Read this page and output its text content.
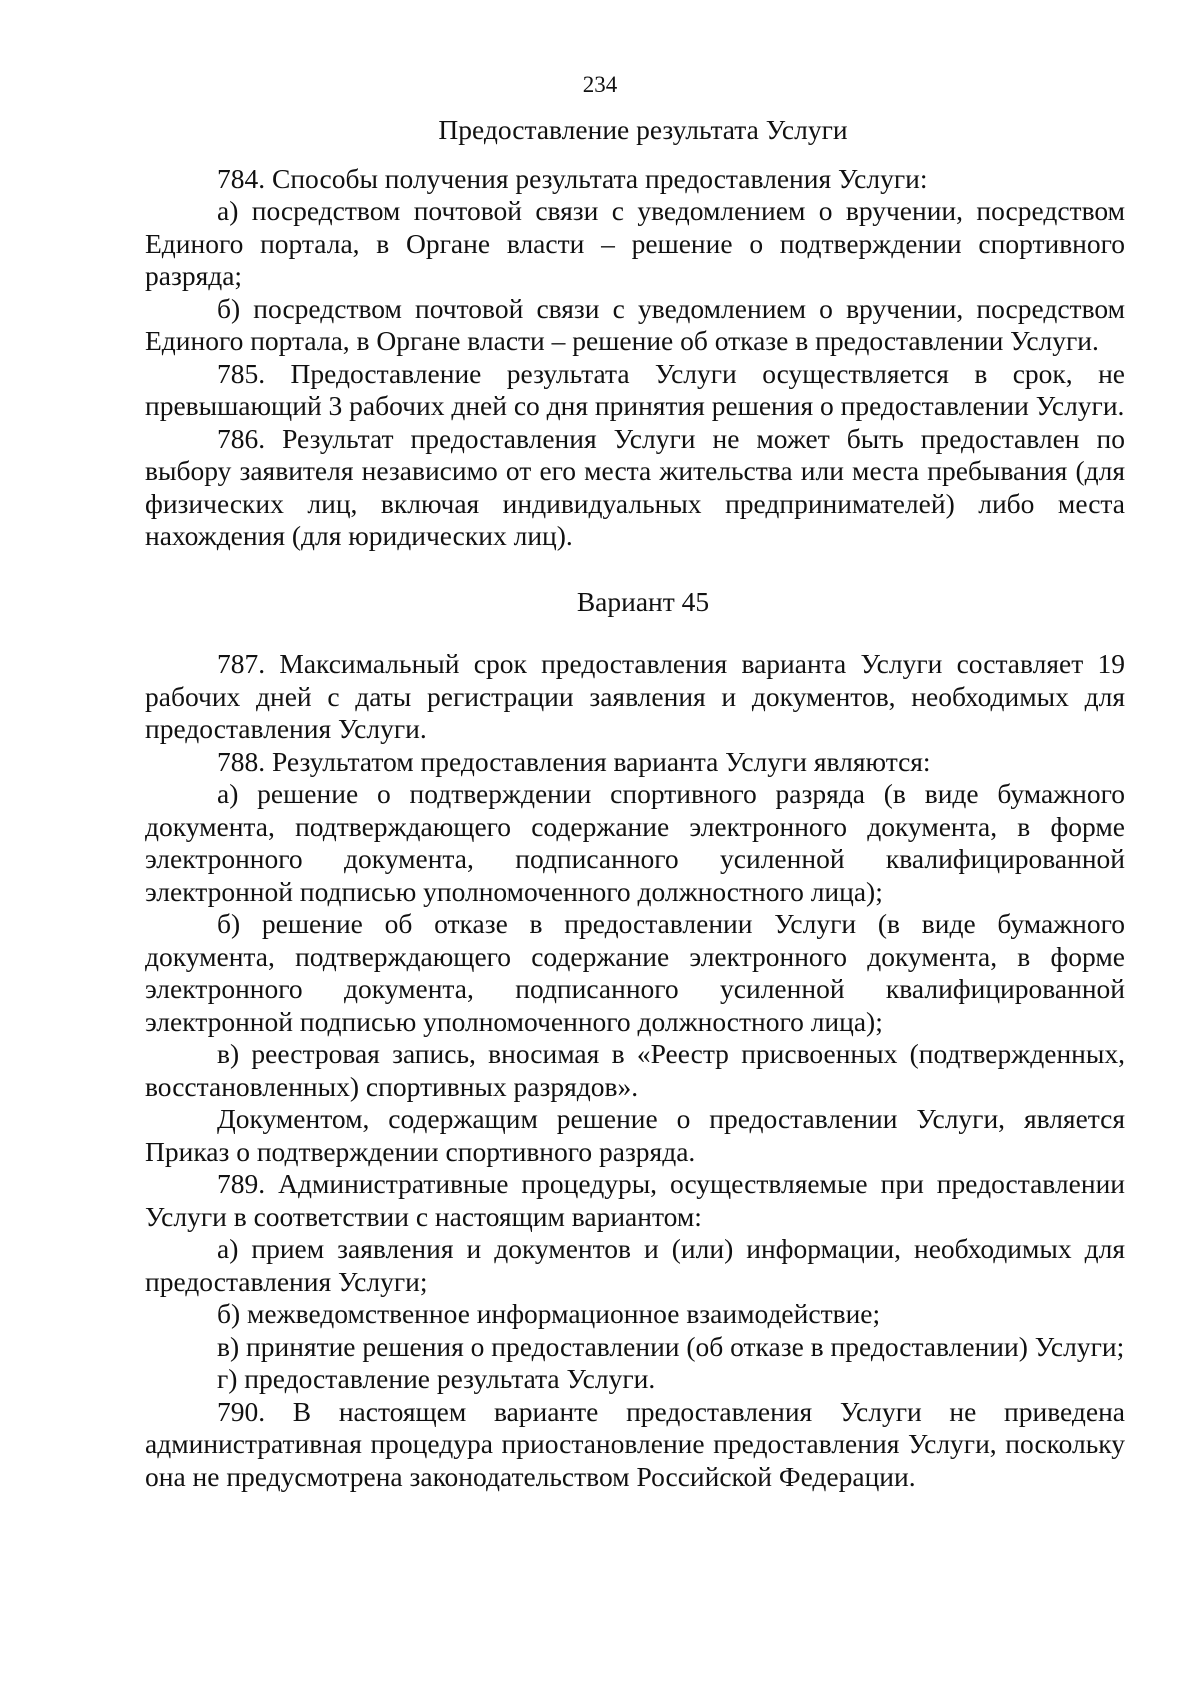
234
Предоставление результата Услуги

784. Способы получения результата предоставления Услуги:

а) посредством почтовой связи с уведомлением о вручении, посредством Единого портала, в Органе власти – решение о подтверждении спортивного разряда;

б) посредством почтовой связи с уведомлением о вручении, посредством Единого портала, в Органе власти – решение об отказе в предоставлении Услуги.

785. Предоставление результата Услуги осуществляется в срок, не превышающий 3 рабочих дней со дня принятия решения о предоставлении Услуги.

786. Результат предоставления Услуги не может быть предоставлен по выбору заявителя независимо от его места жительства или места пребывания (для физических лиц, включая индивидуальных предпринимателей) либо места нахождения (для юридических лиц).

Вариант 45

787. Максимальный срок предоставления варианта Услуги составляет 19 рабочих дней с даты регистрации заявления и документов, необходимых для предоставления Услуги.

788. Результатом предоставления варианта Услуги являются:

а) решение о подтверждении спортивного разряда (в виде бумажного документа, подтверждающего содержание электронного документа, в форме электронного документа, подписанного усиленной квалифицированной электронной подписью уполномоченного должностного лица);

б) решение об отказе в предоставлении Услуги (в виде бумажного документа, подтверждающего содержание электронного документа, в форме электронного документа, подписанного усиленной квалифицированной электронной подписью уполномоченного должностного лица);

в) реестровая запись, вносимая в «Реестр присвоенных (подтвержденных, восстановленных) спортивных разрядов».

Документом, содержащим решение о предоставлении Услуги, является Приказ о подтверждении спортивного разряда.

789. Административные процедуры, осуществляемые при предоставлении Услуги в соответствии с настоящим вариантом:

а) прием заявления и документов и (или) информации, необходимых для предоставления Услуги;

б) межведомственное информационное взаимодействие;

в) принятие решения о предоставлении (об отказе в предоставлении) Услуги;

г) предоставление результата Услуги.

790. В настоящем варианте предоставления Услуги не приведена административная процедура приостановление предоставления Услуги, поскольку она не предусмотрена законодательством Российской Федерации.
